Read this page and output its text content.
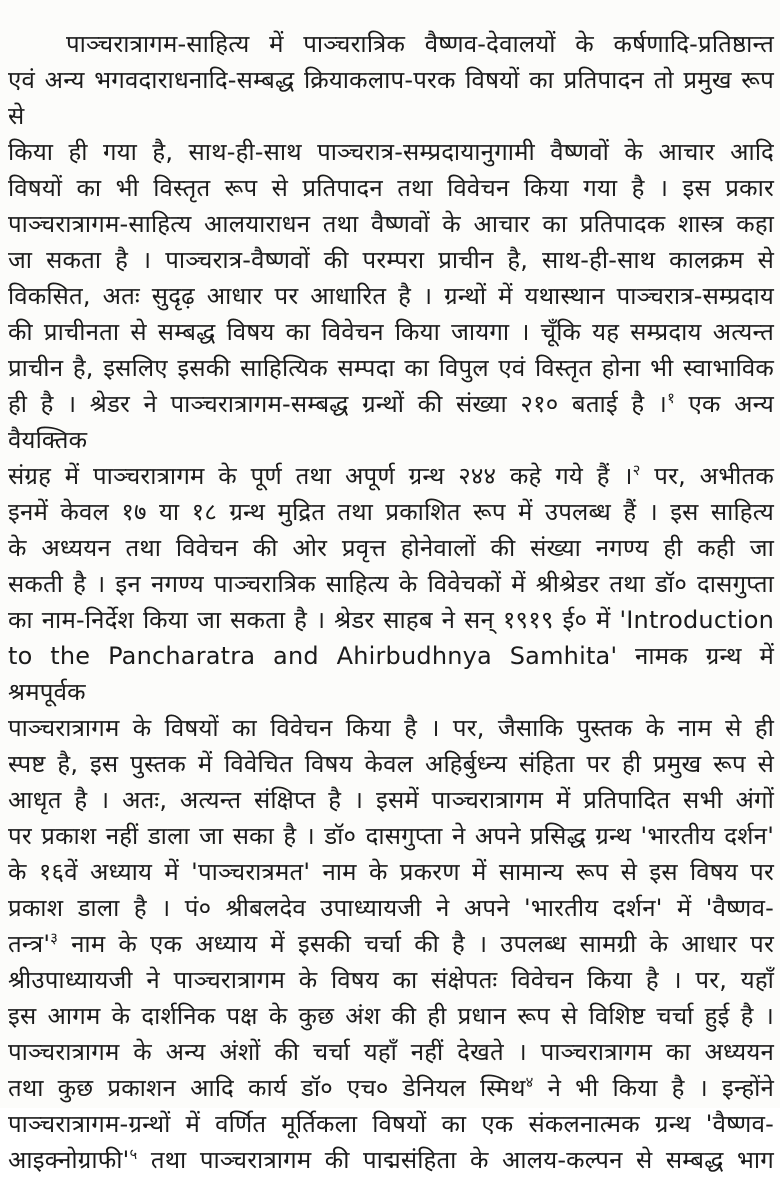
पाञ्चरात्रागम-साहित्य में पाञ्चरात्रिक वैष्णव-देवालयों के कर्षणादि-प्रतिष्ठान्त
एवं अन्य भगवदाराधनादि-सम्बद्ध क्रियाकलाप-परक विषयों का प्रतिपादन तो प्रमुख रूप से
किया ही गया है, साथ-ही-साथ पाञ्चरात्र-सम्प्रदायानुगामी वैष्णवों के आचार आदि
विषयों का भी विस्तृत रूप से प्रतिपादन तथा विवेचन किया गया है । इस प्रकार
पाञ्चरात्रागम-साहित्य आलयाराधन तथा वैष्णवों के आचार का प्रतिपादक शास्त्र कहा
जा सकता है । पाञ्चरात्र-वैष्णवों की परम्परा प्राचीन है, साथ-ही-साथ कालक्रम से
विकसित, अतः सुदृढ़ आधार पर आधारित है । ग्रन्थों में यथास्थान पाञ्चरात्र-सम्प्रदाय
की प्राचीनता से सम्बद्ध विषय का विवेचन किया जायगा । चूँकि यह सम्प्रदाय अत्यन्त
प्राचीन है, इसलिए इसकी साहित्यिक सम्पदा का विपुल एवं विस्तृत होना भी स्वाभाविक
ही है । श्रेडर ने पाञ्चरात्रागम-सम्बद्ध ग्रन्थों की संख्या २१० बताई है ।$^१$ एक अन्य वैयक्तिक
संग्रह में पाञ्चरात्रागम के पूर्ण तथा अपूर्ण ग्रन्थ २४४ कहे गये हैं ।$^२$ पर, अभीतक
इनमें केवल १७ या १८ ग्रन्थ मुद्रित तथा प्रकाशित रूप में उपलब्ध हैं । इस साहित्य
के अध्ययन तथा विवेचन की ओर प्रवृत्त होनेवालों की संख्या नगण्य ही कही जा
सकती है । इन नगण्य पाञ्चरात्रिक साहित्य के विवेचकों में श्रीश्रेडर तथा डॉ० दासगुप्ता
का नाम-निर्देश किया जा सकता है । श्रेडर साहब ने सन् १९१९ ई० में 'Introduction
to the Pancharatra and Ahirbudhnya Samhita' नामक ग्रन्थ में श्रमपूर्वक
पाञ्चरात्रागम के विषयों का विवेचन किया है । पर, जैसाकि पुस्तक के नाम से ही
स्पष्ट है, इस पुस्तक में विवेचित विषय केवल अहिर्बुध्न्य संहिता पर ही प्रमुख रूप से
आधृत है । अतः, अत्यन्त संक्षिप्त है । इसमें पाञ्चरात्रागम में प्रतिपादित सभी अंगों
पर प्रकाश नहीं डाला जा सका है । डॉ० दासगुप्ता ने अपने प्रसिद्ध ग्रन्थ 'भारतीय दर्शन'
के १६वें अध्याय में 'पाञ्चरात्रमत' नाम के प्रकरण में सामान्य रूप से इस विषय पर
प्रकाश डाला है । पं० श्रीबलदेव उपाध्यायजी ने अपने 'भारतीय दर्शन' में 'वैष्णव-
$तन्त्र'^३$ नाम के एक अध्याय में इसकी चर्चा की है । उपलब्ध सामग्री के आधार पर
श्रीउपाध्यायजी ने पाञ्चरात्रागम के विषय का संक्षेपतः विवेचन किया है । पर, यहाँ
इस आगम के दार्शनिक पक्ष के कुछ अंश की ही प्रधान रूप से विशिष्ट चर्चा हुई है ।
पाञ्चरात्रागम के अन्य अंशों की चर्चा यहाँ नहीं देखते । पाञ्चरात्रागम का अध्ययन
तथा कुछ प्रकाशन आदि कार्य डॉ० एच० डेनियल स्मिथ$^४$ ने भी किया है । इन्होंने
पाञ्चरात्रागम-ग्रन्थों में वर्णित मूर्तिकला विषयों का एक संकलनात्मक ग्रन्थ 'वैष्णव-
$आइक्नोग्राफी'^५$ तथा पाञ्चरात्रागम की पाद्मसंहिता के आलय-कल्पन से सम्बद्ध भाग
